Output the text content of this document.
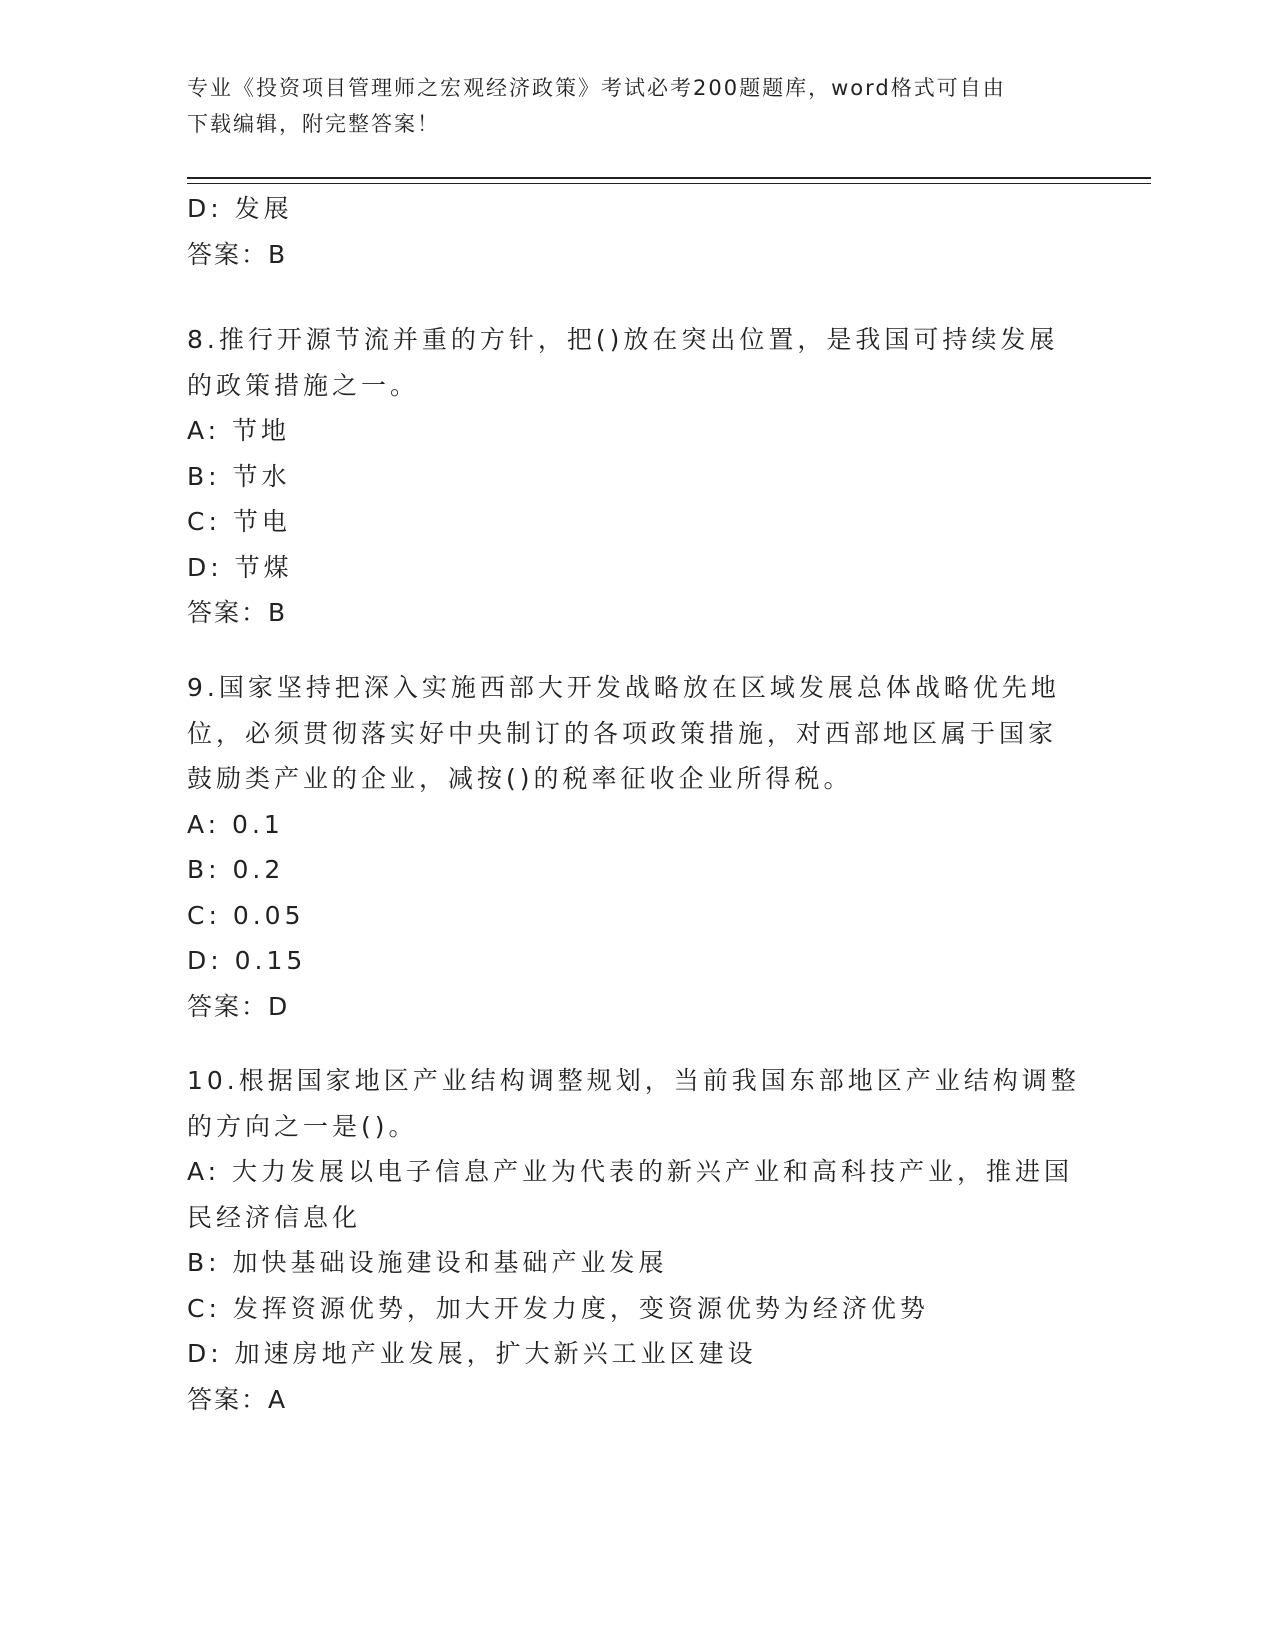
专业《投资项目管理师之宏观经济政策》考试必考200题题库，word格式可自由
下载编辑，附完整答案！
D: 发展
答案：B
8.推行开源节流并重的方针，把()放在突出位置，是我国可持续发展
的政策措施之一。
A: 节地
B: 节水
C: 节电
D: 节煤
答案：B
9.国家坚持把深入实施西部大开发战略放在区域发展总体战略优先地
位，必须贯彻落实好中央制订的各项政策措施，对西部地区属于国家
鼓励类产业的企业，减按()的税率征收企业所得税。
A: 0.1
B: 0.2
C: 0.05
D: 0.15
答案：D
10.根据国家地区产业结构调整规划，当前我国东部地区产业结构调整
的方向之一是()。
A: 大力发展以电子信息产业为代表的新兴产业和高科技产业，推进国
民经济信息化
B: 加快基础设施建设和基础产业发展
C: 发挥资源优势，加大开发力度，变资源优势为经济优势
D: 加速房地产业发展，扩大新兴工业区建设
答案：A
